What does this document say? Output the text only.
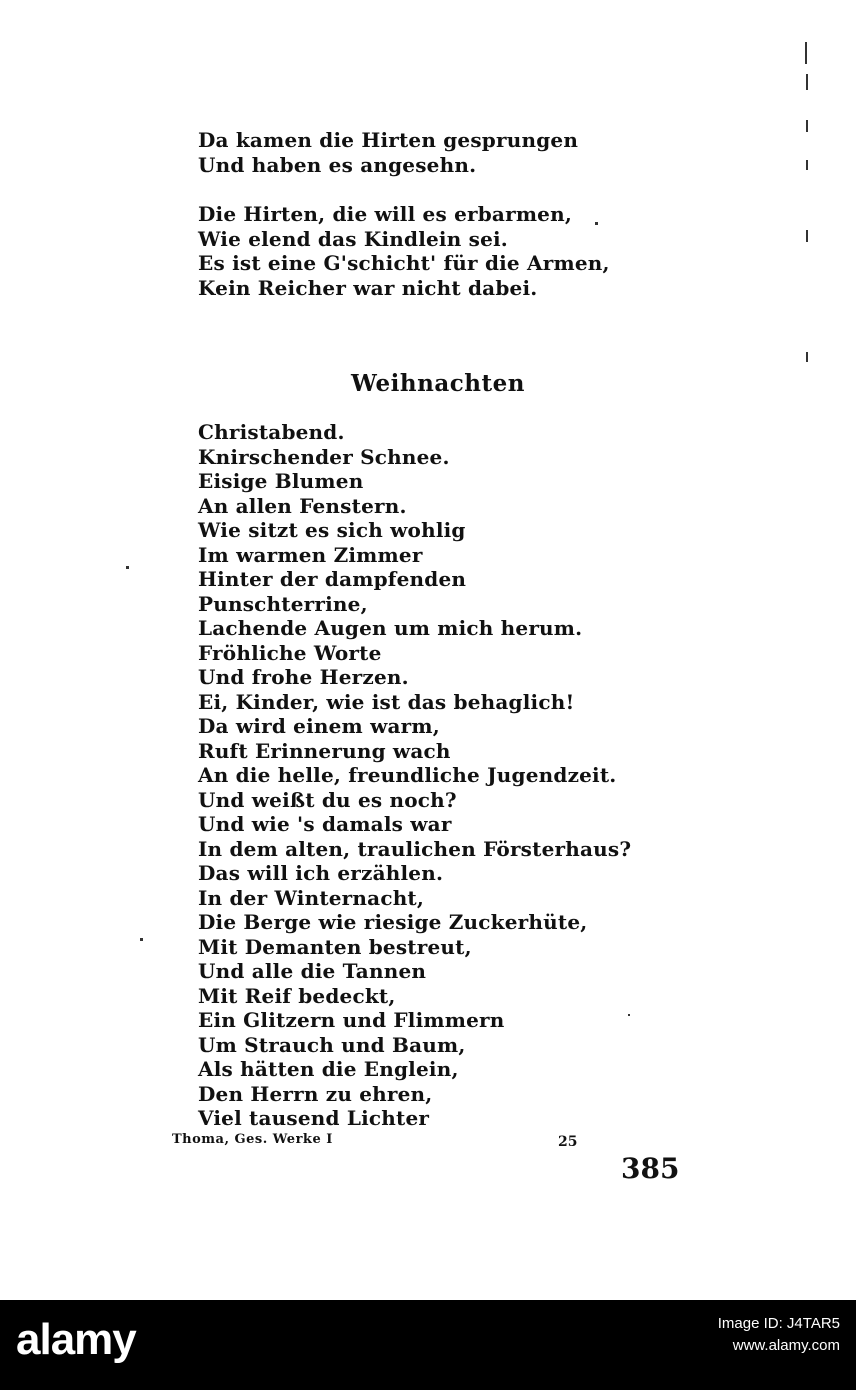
Da kamen die Hirten gesprungen
Und haben es angesehn.
Die Hirten, die will es erbarmen,
Wie elend das Kindlein sei.
Es ist eine G'schicht' für die Armen,
Kein Reicher war nicht dabei.
Weihnachten
Christabend.
Knirschender Schnee.
Eisige Blumen
An allen Fenstern.
Wie sitzt es sich wohlig
Im warmen Zimmer
Hinter der dampfenden
Punschterrine,
Lachende Augen um mich herum.
Fröhliche Worte
Und frohe Herzen.
Ei, Kinder, wie ist das behaglich!
Da wird einem warm,
Ruft Erinnerung wach
An die helle, freundliche Jugendzeit.
Und weißt du es noch?
Und wie 's damals war
In dem alten, traulichen Försterhaus?
Das will ich erzählen.
In der Winternacht,
Die Berge wie riesige Zuckerhüte,
Mit Demanten bestreut,
Und alle die Tannen
Mit Reif bedeckt,
Ein Glitzern und Flimmern
Um Strauch und Baum,
Als hätten die Englein,
Den Herrn zu ehren,
Viel tausend Lichter
Thoma, Ges. Werke I	25
385
alamy	Image ID: J4TAR5
www.alamy.com
